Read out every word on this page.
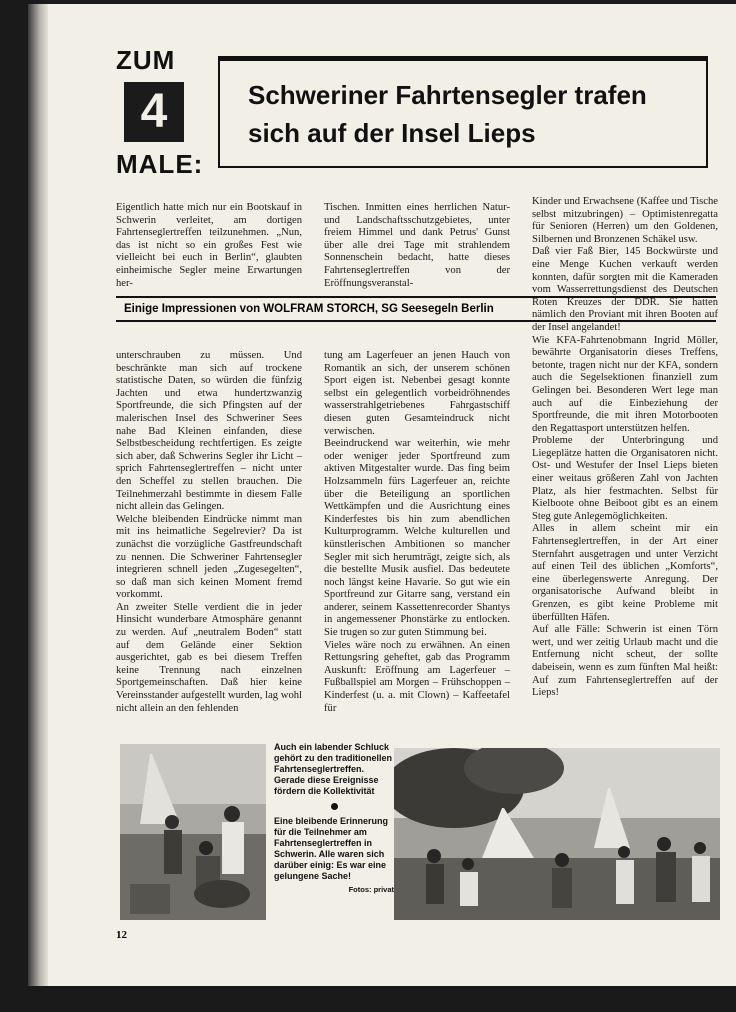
ZUM
4
MALE:
Schweriner Fahrtensegler trafen sich auf der Insel Lieps

Eigentlich hatte mich nur ein Bootskauf in Schwerin verleitet, am dortigen Fahrtenseglertreffen teilzunehmen. „Nun, das ist nicht so ein großes Fest wie vielleicht bei euch in Berlin“, glaubten einheimische Segler meine Erwartungen her-

Tischen. Inmitten eines herrlichen Natur- und Landschaftsschutzgebietes, unter freiem Himmel und dank Petrus' Gunst über alle drei Tage mit strahlendem Sonnenschein bedacht, hatte dieses Fahrtenseglertreffen von der Eröffnungsveranstal-

Einige Impressionen von WOLFRAM STORCH, SG Seesegeln Berlin

unterschrauben zu müssen. Und beschränkte man sich auf trockene statistische Daten, so würden die fünfzig Jachten und etwa hundertzwanzig Sportfreunde, die sich Pfingsten auf der malerischen Insel des Schweriner Sees nahe Bad Kleinen einfanden, diese Selbstbescheidung rechtfertigen. Es zeigte sich aber, daß Schwerins Segler ihr Licht – sprich Fahrtenseglertreffen – nicht unter den Scheffel zu stellen brauchen. Die Teilnehmerzahl bestimmte in diesem Falle nicht allein das Gelingen.

Welche bleibenden Eindrücke nimmt man mit ins heimatliche Segelrevier? Da ist zunächst die vorzügliche Gastfreundschaft zu nennen. Die Schweriner Fahrtensegler integrieren schnell jeden „Zugesegelten“, so daß man sich keinen Moment fremd vorkommt.

An zweiter Stelle verdient die in jeder Hinsicht wunderbare Atmosphäre genannt zu werden. Auf „neutralem Boden“ statt auf dem Gelände einer Sektion ausgerichtet, gab es bei diesem Treffen keine Trennung nach einzelnen Sportgemeinschaften. Daß hier keine Vereinsstander aufgestellt wurden, lag wohl nicht allein an den fehlenden

tung am Lagerfeuer an jenen Hauch von Romantik an sich, der unserem schönen Sport eigen ist. Nebenbei gesagt konnte selbst ein gelegentlich vorbeidröhnendes wasserstrahlgetriebenes Fahrgastschiff diesen guten Gesamteindruck nicht verwischen.

Beeindruckend war weiterhin, wie mehr oder weniger jeder Sportfreund zum aktiven Mitgestalter wurde. Das fing beim Holzsammeln fürs Lagerfeuer an, reichte über die Beteiligung an sportlichen Wettkämpfen und die Ausrichtung eines Kinderfestes bis hin zum abendlichen Kulturprogramm. Welche kulturellen und künstlerischen Ambitionen so mancher Segler mit sich herumträgt, zeigte sich, als die bestellte Musik ausfiel. Das bedeutete noch längst keine Havarie. So gut wie ein Sportfreund zur Gitarre sang, verstand ein anderer, seinem Kassettenrecorder Shantys in angemessener Phonstärke zu entlocken. Sie trugen so zur guten Stimmung bei.

Vieles wäre noch zu erwähnen. An einen Rettungsring geheftet, gab das Programm Auskunft: Eröffnung am Lagerfeuer – Fußballspiel am Morgen – Frühschoppen – Kinderfest (u. a. mit Clown) – Kaffeetafel für

Kinder und Erwachsene (Kaffee und Tische selbst mitzubringen) – Optimistenregatta für Senioren (Herren) um den Goldenen, Silbernen und Bronzenen Schäkel usw.

Daß vier Faß Bier, 145 Bockwürste und eine Menge Kuchen verkauft werden konnten, dafür sorgten mit die Kameraden vom Wasserrettungsdienst des Deutschen Roten Kreuzes der DDR. Sie hatten nämlich den Proviant mit ihren Booten auf der Insel angelandet!

Wie KFA-Fahrtenobmann Ingrid Möller, bewährte Organisatorin dieses Treffens, betonte, tragen nicht nur der KFA, sondern auch die Segelsektionen finanziell zum Gelingen bei. Besonderen Wert lege man auch auf die Einbeziehung der Sportfreunde, die mit ihren Motorbooten den Regattasport unterstützen helfen.

Probleme der Unterbringung und Liegeplätze hatten die Organisatoren nicht. Ost- und Westufer der Insel Lieps bieten einer weitaus größeren Zahl von Jachten Platz, als hier festmachten. Selbst für Kielboote ohne Beiboot gibt es an einem Steg gute Anlegemöglichkeiten.

Alles in allem scheint mir ein Fahrtenseglertreffen, in der Art einer Sternfahrt ausgetragen und unter Verzicht auf einen Teil des üblichen „Komforts“, eine überlegenswerte Anregung. Der organisatorische Aufwand bleibt in Grenzen, es gibt keine Probleme mit überfüllten Häfen.

Auf alle Fälle: Schwerin ist einen Törn wert, und wer zeitig Urlaub macht und die Entfernung nicht scheut, der sollte dabeisein, wenn es zum fünften Mal heißt: Auf zum Fahrtenseglertreffen auf der Lieps!

Auch ein labender Schluck gehört zu den traditionellen Fahrtenseglertreffen. Gerade diese Ereignisse fördern die Kollektivität

Eine bleibende Erinnerung für die Teilnehmer am Fahrtenseglertreffen in Schwerin. Alle waren sich darüber einig: Es war eine gelungene Sache!

Fotos: privat

12
